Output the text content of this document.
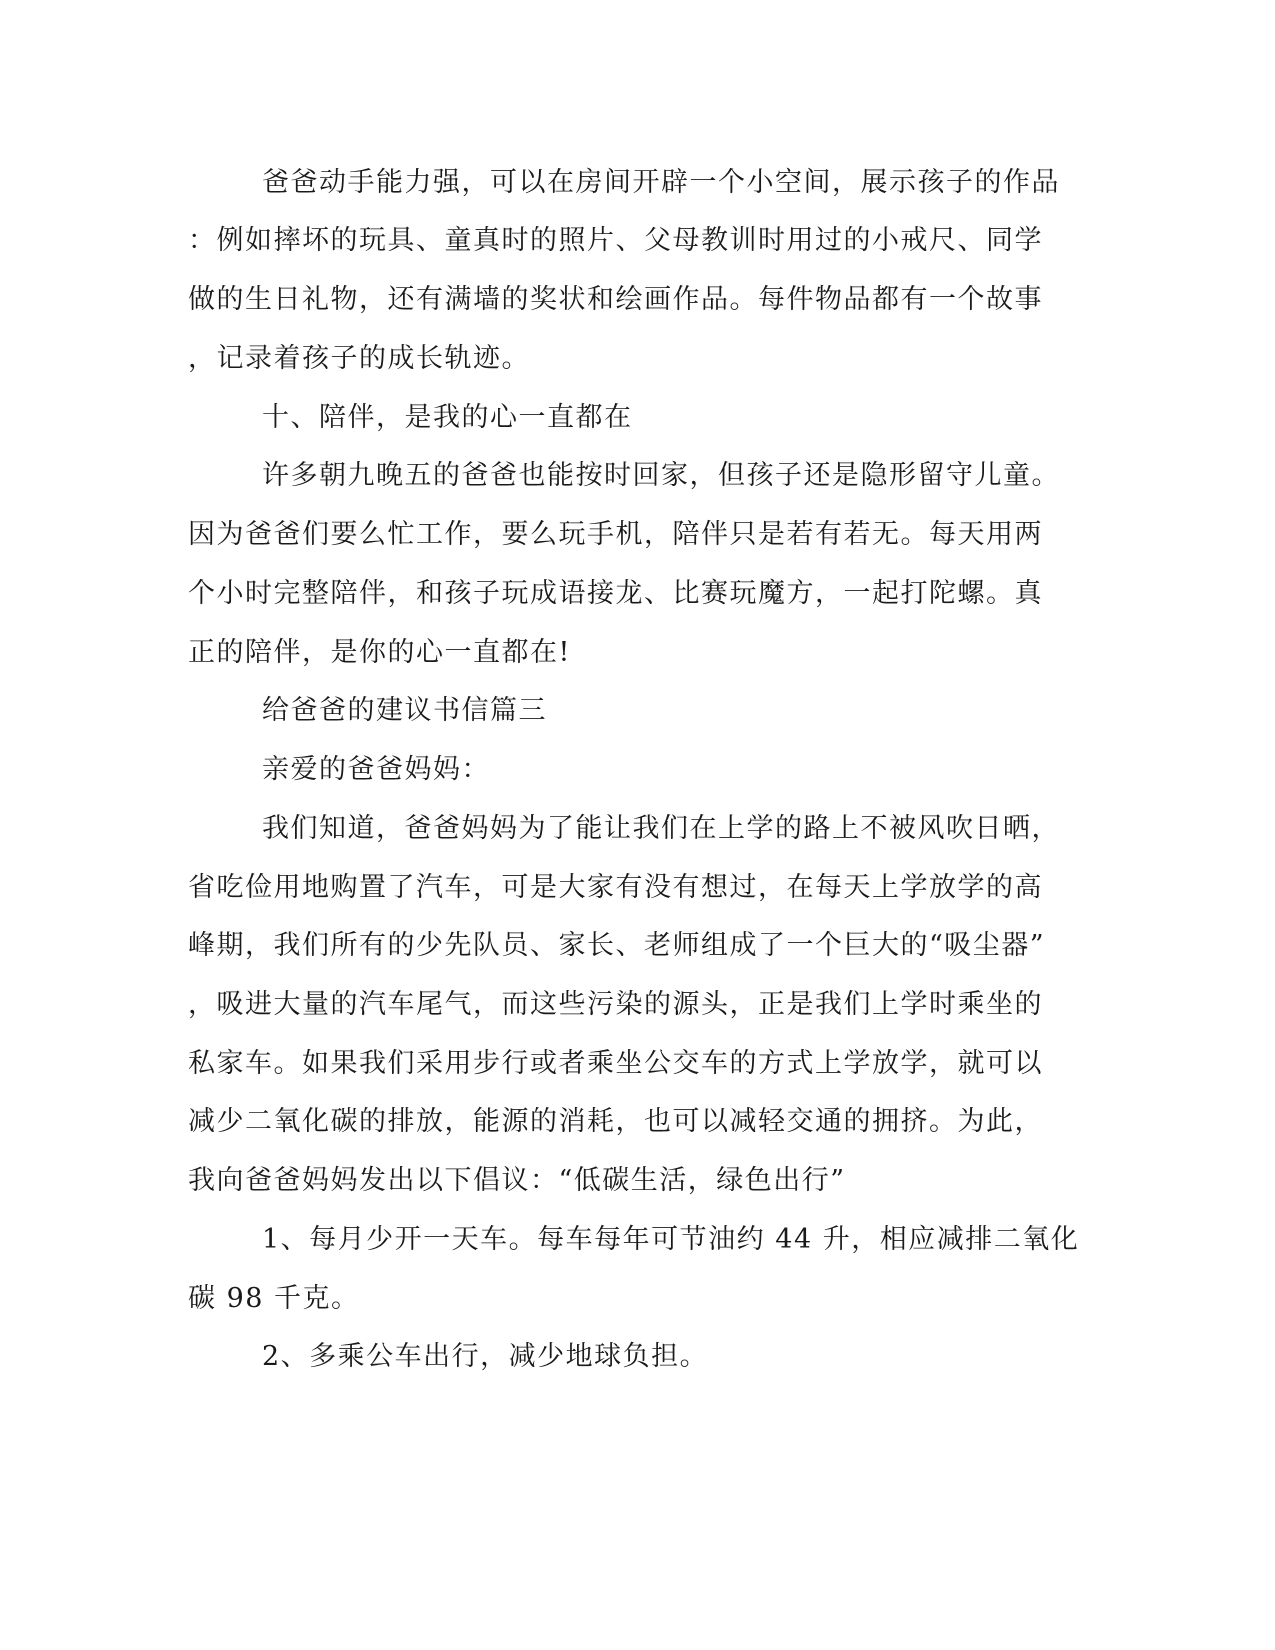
爸爸动手能力强，可以在房间开辟一个小空间，展示孩子的作品
：例如摔坏的玩具、童真时的照片、父母教训时用过的小戒尺、同学
做的生日礼物，还有满墙的奖状和绘画作品。每件物品都有一个故事
，记录着孩子的成长轨迹。
十、陪伴，是我的心一直都在
许多朝九晚五的爸爸也能按时回家，但孩子还是隐形留守儿童。
因为爸爸们要么忙工作，要么玩手机，陪伴只是若有若无。每天用两
个小时完整陪伴，和孩子玩成语接龙、比赛玩魔方，一起打陀螺。真
正的陪伴，是你的心一直都在!
给爸爸的建议书信篇三
亲爱的爸爸妈妈：
我们知道，爸爸妈妈为了能让我们在上学的路上不被风吹日晒，
省吃俭用地购置了汽车，可是大家有没有想过，在每天上学放学的高
峰期，我们所有的少先队员、家长、老师组成了一个巨大的“吸尘器”
，吸进大量的汽车尾气，而这些污染的源头，正是我们上学时乘坐的
私家车。如果我们采用步行或者乘坐公交车的方式上学放学，就可以
减少二氧化碳的排放，能源的消耗，也可以减轻交通的拥挤。为此，
我向爸爸妈妈发出以下倡议：“低碳生活，绿色出行”
1、每月少开一天车。每车每年可节油约 44 升，相应减排二氧化
碳 98 千克。
2、多乘公车出行，减少地球负担。
